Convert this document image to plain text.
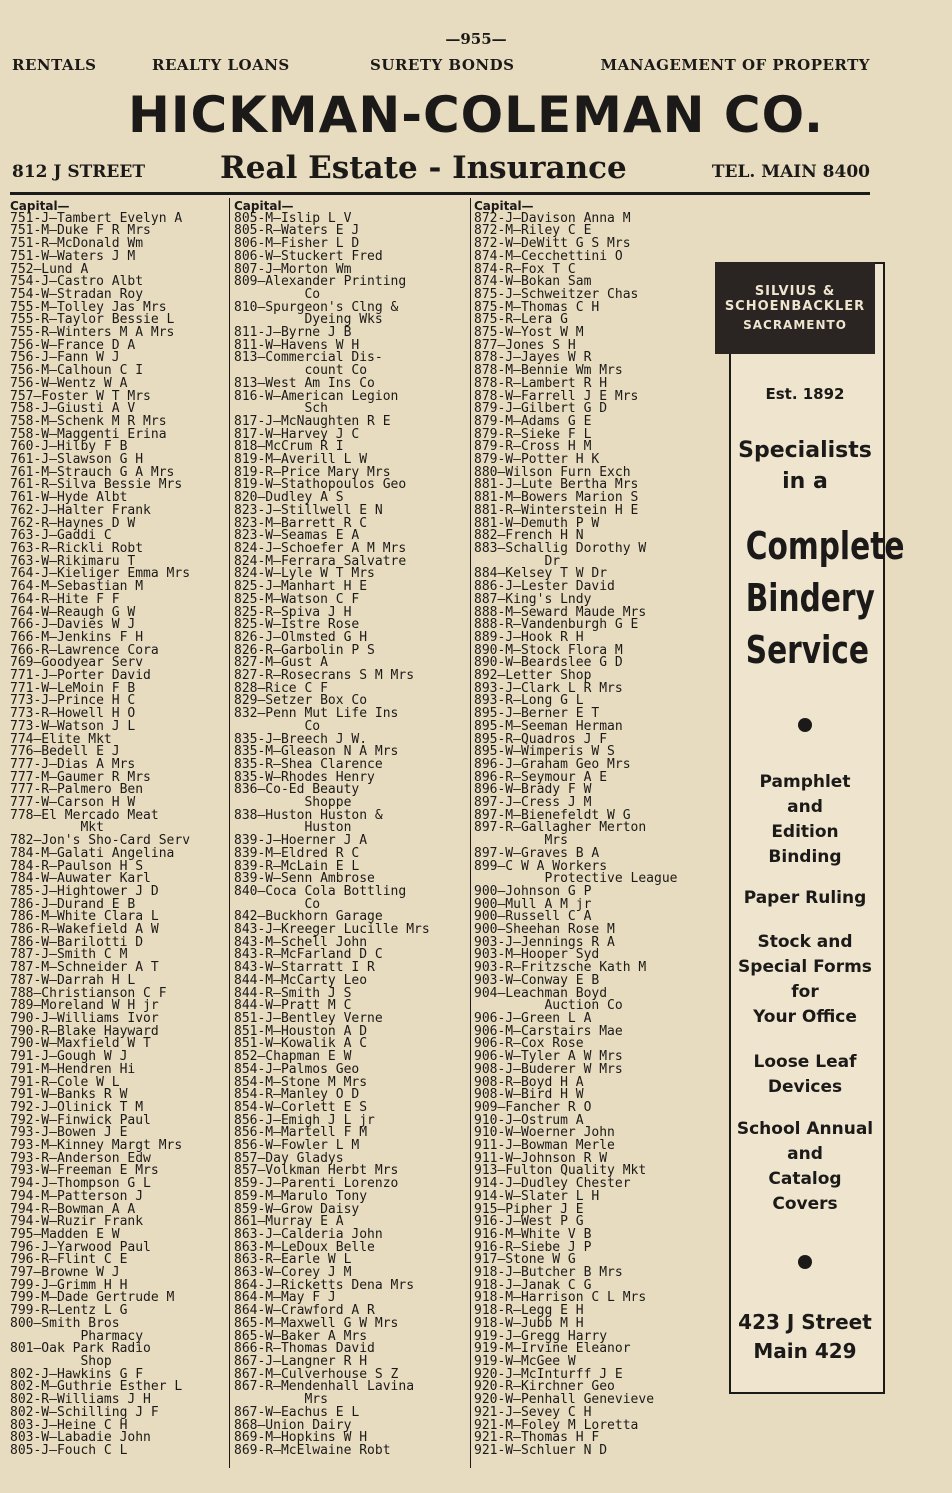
—955—
RENTALS	REALTY LOANS	SURETY BONDS	MANAGEMENT OF PROPERTY
HICKMAN-COLEMAN CO.
812 J STREET Real Estate - Insurance	TEL. MAIN 8400
Capital—
751-J —Tambert Evelyn A
751-M —Duke F R Mrs
751-R —McDonald Wm
751-W —Waters J M
752 —Lund A
754-J —Castro Albt
754-W —Stradan Roy
755-M —Tolley Jas Mrs
755-R —Taylor Bessie L
755-R —Winters M A Mrs
756-W —France D A
756-J —Fann W J
756-M —Calhoun C I
756-W —Wentz W A
757 —Foster W T Mrs
758-J —Giusti A V
758-M —Schenk M R Mrs
758-W —Maggenti Erina
760-J —Hilby F B
761-J —Slawson G H
761-M —Strauch G A Mrs
761-R —Silva Bessie Mrs
761-W —Hyde Albt
762-J —Halter Frank
762-R —Haynes D W
763-J —Gaddi C
763-R —Rickli Robt
763-W —Rikimaru T
764-J —Kieliger Emma Mrs
764-M —Sebastian M
764-R —Hite F F
764-W —Reaugh G W
766-J —Davies W J
766-M —Jenkins F H
766-R —Lawrence Cora
769 —Goodyear Serv
771-J —Porter David
771-W —LeMoin F B
773-J —Prince H C
773-R —Howell H O
773-W —Watson J L
774 —Elite Mkt
776 —Bedell E J
777-J —Dias A Mrs
777-M —Gaumer R Mrs
777-R —Palmero Ben
777-W —Carson H W
778 —El Mercado Meat
Mkt
782 —Jon's Sho-Card Serv
784-M —Galati Angelina
784-R —Paulson H S
784-W —Auwater Karl
785-J —Hightower J D
786-J —Durand E B
786-M —White Clara L
786-R —Wakefield A W
786-W —Barilotti D
787-J —Smith C M
787-M —Schneider A T
787-W —Darrah H L
788 —Christianson C F
789 —Moreland W H jr
790-J —Williams Ivor
790-R —Blake Hayward
790-W —Maxfield W T
791-J —Gough W J
791-M —Hendren Hi
791-R —Cole W L
791-W —Banks R W
792-J —Olinick T M
792-W —Finwick Paul
793-J —Bowen J E
793-M —Kinney Margt Mrs
793-R —Anderson Edw
793-W —Freeman E Mrs
794-J —Thompson G L
794-M —Patterson J
794-R —Bowman A A
794-W —Ruzir Frank
795 —Madden E W
796-J —Yarwood Paul
796-R —Flint C E
797 —Browne W J
799-J —Grimm H H
799-M —Dade Gertrude M
799-R —Lentz L G
800 —Smith Bros
Pharmacy
801 —Oak Park Radio
Shop
802-J —Hawkins G F
802-M —Guthrie Esther L
802-R —Williams J H
802-W —Schilling J F
803-J —Heine C H
803-W —Labadie John
805-J —Fouch C L
Capital—
805-M —Islip L V
805-R —Waters E J
806-M —Fisher L D
806-W —Stuckert Fred
807-J —Morton Wm
809 —Alexander Printing
Co
810 —Spurgeon's Clng &
Dyeing Wks
811-J —Byrne J B
811-W —Havens W H
813 —Commercial Dis-
count Co
813 —West Am Ins Co
816-W —American Legion
Sch
817-J —McNaughten R E
817-W —Harvey J C
818 —McCrum R I
819-M —Averill L W
819-R —Price Mary Mrs
819-W —Stathopoulos Geo
820 —Dudley A S
823-J —Stillwell E N
823-M —Barrett R C
823-W —Seamas E A
824-J —Schoefer A M Mrs
824-M —Ferrara Salvatre
824-W —Lyle W T Mrs
825-J —Manhart H E
825-M —Watson C F
825-R —Spiva J H
825-W —Istre Rose
826-J —Olmsted G H
826-R —Garbolin P S
827-M —Gust A
827-R —Rosecrans S M Mrs
828 —Rice C F
829 —Setzer Box Co
832 —Penn Mut Life Ins
Co
835-J —Breech J W.
835-M —Gleason N A Mrs
835-R —Shea Clarence
835-W —Rhodes Henry
836 —Co-Ed Beauty
Shoppe
838 —Huston Huston &
Huston
839-J —Hoerner J A
839-M —Eldred R C
839-R —McLain E L
839-W —Senn Ambrose
840 —Coca Cola Bottling
Co
842 —Buckhorn Garage
843-J —Kreeger Lucille Mrs
843-M —Schell John
843-R —McFarland D C
843-W —Starratt I R
844-M —McCarty Leo
844-R —Smith J S
844-W —Pratt M C
851-J —Bentley Verne
851-M —Houston A D
851-W —Kowalik A C
852 —Chapman E W
854-J —Palmos Geo
854-M —Stone M Mrs
854-R —Manley O D
854-W —Corlett E S
856-J —Emigh J L jr
856-M —Martell F M
856-W —Fowler L M
857 —Day Gladys
857 —Volkman Herbt Mrs
859-J —Parenti Lorenzo
859-M —Marulo Tony
859-W —Grow Daisy
861 —Murray E A
863-J —Calderia John
863-M —LeDoux Belle
863-R —Earle W L
863-W —Corey J M
864-J —Ricketts Dena Mrs
864-M —May F J
864-W —Crawford A R
865-M —Maxwell G W Mrs
865-W —Baker A Mrs
866-R —Thomas David
867-J —Langner R H
867-M —Culverhouse S Z
867-R —Mendenhall Lavina
Mrs
867-W —Eachus E L
868 —Union Dairy
869-M —Hopkins W H
869-R —McElwaine Robt
Capital—
872-J —Davison Anna M
872-M —Riley C E
872-W —DeWitt G S Mrs
874-M —Cecchettini O
874-R —Fox T C
874-W —Bokan Sam
875-J —Schweitzer Chas
875-M —Thomas C H
875-R —Lera G
875-W —Yost W M
877 —Jones S H
878-J —Jayes W R
878-M —Bennie Wm Mrs
878-R —Lambert R H
878-W —Farrell J E Mrs
879-J —Gilbert G D
879-M —Adams G E
879-R —Sieke F L
879-R —Cross H M
879-W —Potter H K
880 —Wilson Furn Exch
881-J —Lute Bertha Mrs
881-M —Bowers Marion S
881-R —Winterstein H E
881-W —Demuth P W
882 —French H N
883 —Schallig Dorothy W
Dr
884 —Kelsey T W Dr
886-J —Lester David
887 —King's Lndy
888-M —Seward Maude Mrs
888-R —Vandenburgh G E
889-J —Hook R H
890-M —Stock Flora M
890-W —Beardslee G D
892 —Letter Shop
893-J —Clark L R Mrs
893-R —Long G L
895-J —Berner E T
895-M —Seeman Herman
895-R —Quadros J F
895-W —Wimperis W S
896-J —Graham Geo Mrs
896-R —Seymour A E
896-W —Brady F W
897-J —Cress J M
897-M —Bienefeldt W G
897-R —Gallagher Merton
Mrs
897-W —Graves B A
899 —C W A Workers
Protective League
900 —Johnson G P
900 —Mull A M jr
900 —Russell C A
900 —Sheehan Rose M
903-J —Jennings R A
903-M —Hooper Syd
903-R —Fritzsche Kath M
903-W —Conway E B
904 —Leachman Boyd
Auction Co
906-J —Green L A
906-M —Carstairs Mae
906-R —Cox Rose
906-W —Tyler A W Mrs
908-J —Buderer W Mrs
908-R —Boyd H A
908-W —Bird H W
909 —Fancher R O
910-J —Ostrum A
910-W —Woerner John
911-J —Bowman Merle
911-W —Johnson R W
913 —Fulton Quality Mkt
914-J —Dudley Chester
914-W —Slater L H
915 —Pipher J E
916-J —West P G
916-M —White V B
916-R —Siebe J P
917 —Stone W G
918-J —Butcher B Mrs
918-J —Janak C G
918-M —Harrison C L Mrs
918-R —Legg E H
918-W —Jubb M H
919-J —Gregg Harry
919-M —Irvine Eleanor
919-W —McGee W
920-J —McInturff J E
920-R —Kirchner Geo
920-W —Penhall Genevieve
921-J —Sevey C H
921-M —Foley M Loretta
921-R —Thomas H F
921-W —Schluer N D
SILVIUS &
SCHOENBACKLER
SACRAMENTO
Est. 1892
Specialists
in a
Complete
Bindery
Service
Pamphlet
and
Edition
Binding
Paper Ruling
Stock and
Special Forms
for
Your Office
Loose Leaf
Devices
School Annual
and
Catalog
Covers
423 J Street
Main 429
